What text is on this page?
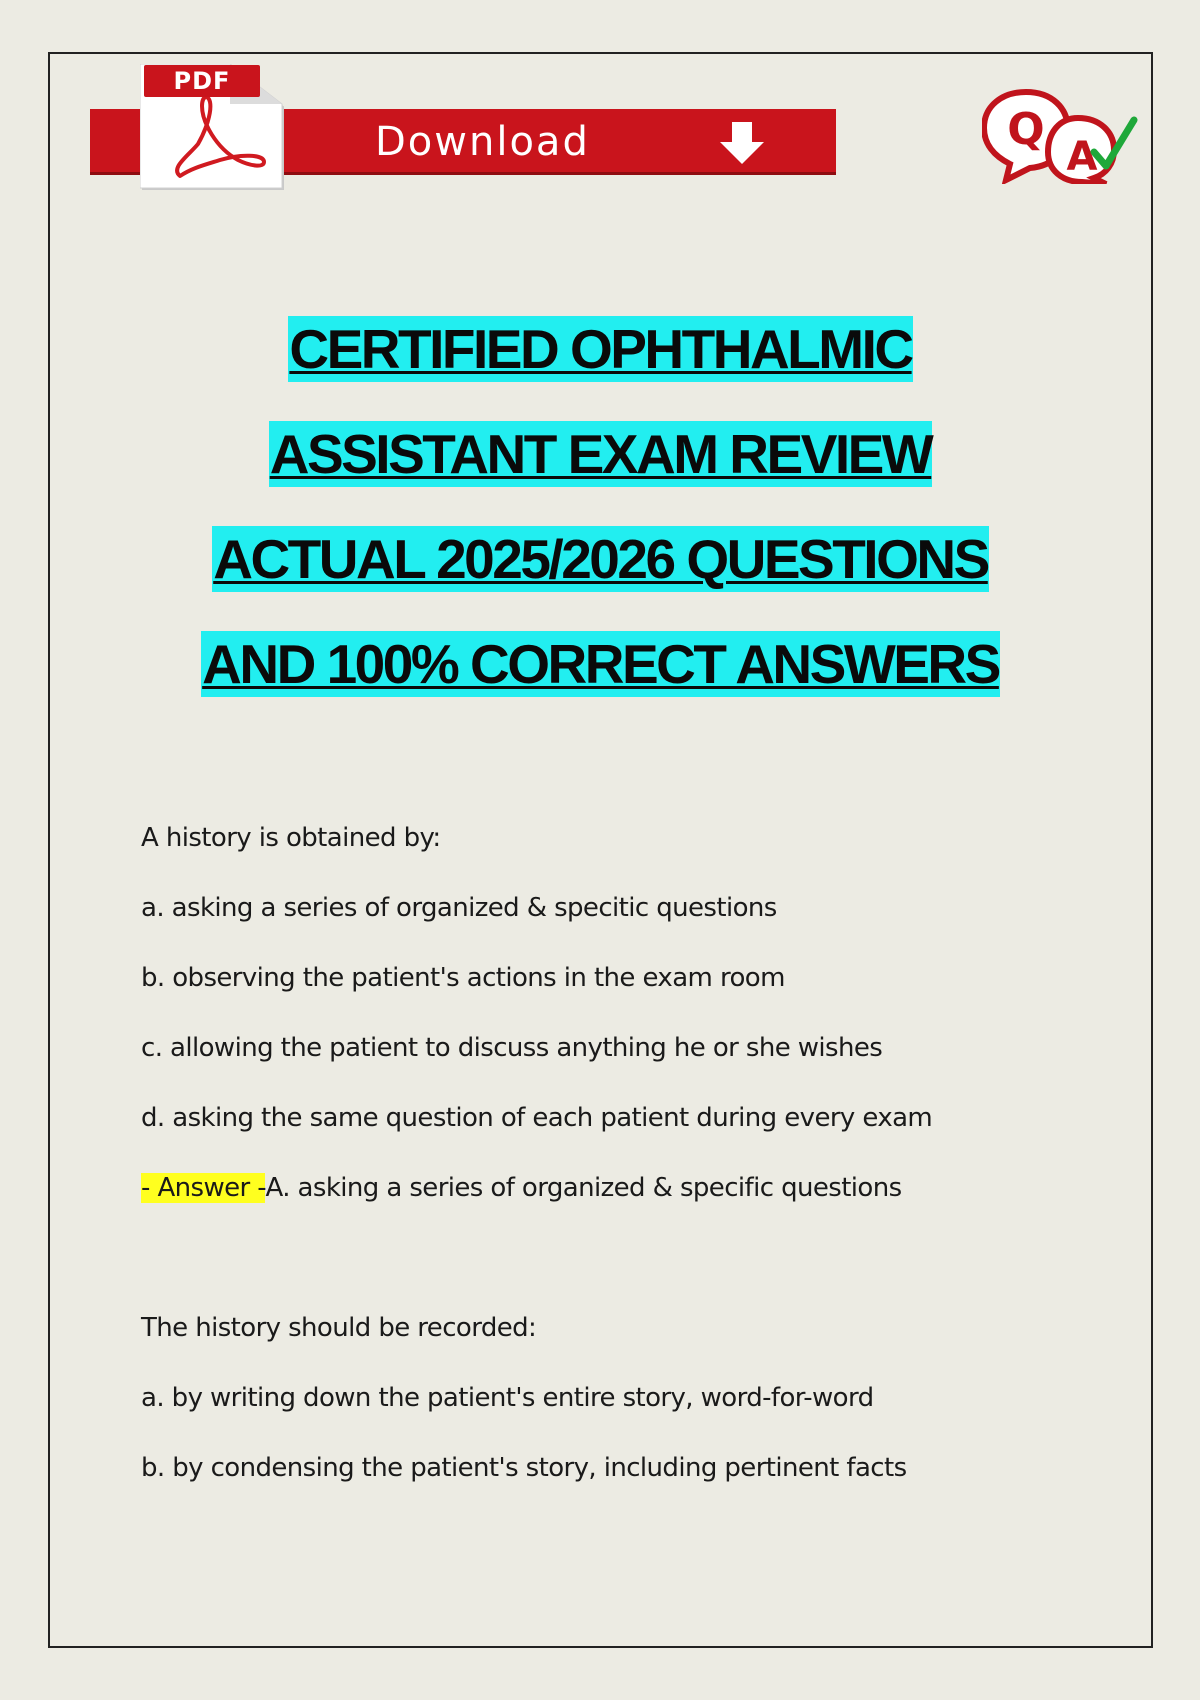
Download
PDF
Q
A
CERTIFIED OPHTHALMIC
ASSISTANT EXAM REVIEW
ACTUAL 2025/2026 QUESTIONS
AND 100% CORRECT ANSWERS
A history is obtained by:
a. asking a series of organized & specitic questions
b. observing the patient's actions in the exam room
c. allowing the patient to discuss anything he or she wishes
d. asking the same question of each patient during every exam
- Answer -A. asking a series of organized & specific questions
The history should be recorded:
a. by writing down the patient's entire story, word-for-word
b. by condensing the patient's story, including pertinent facts
